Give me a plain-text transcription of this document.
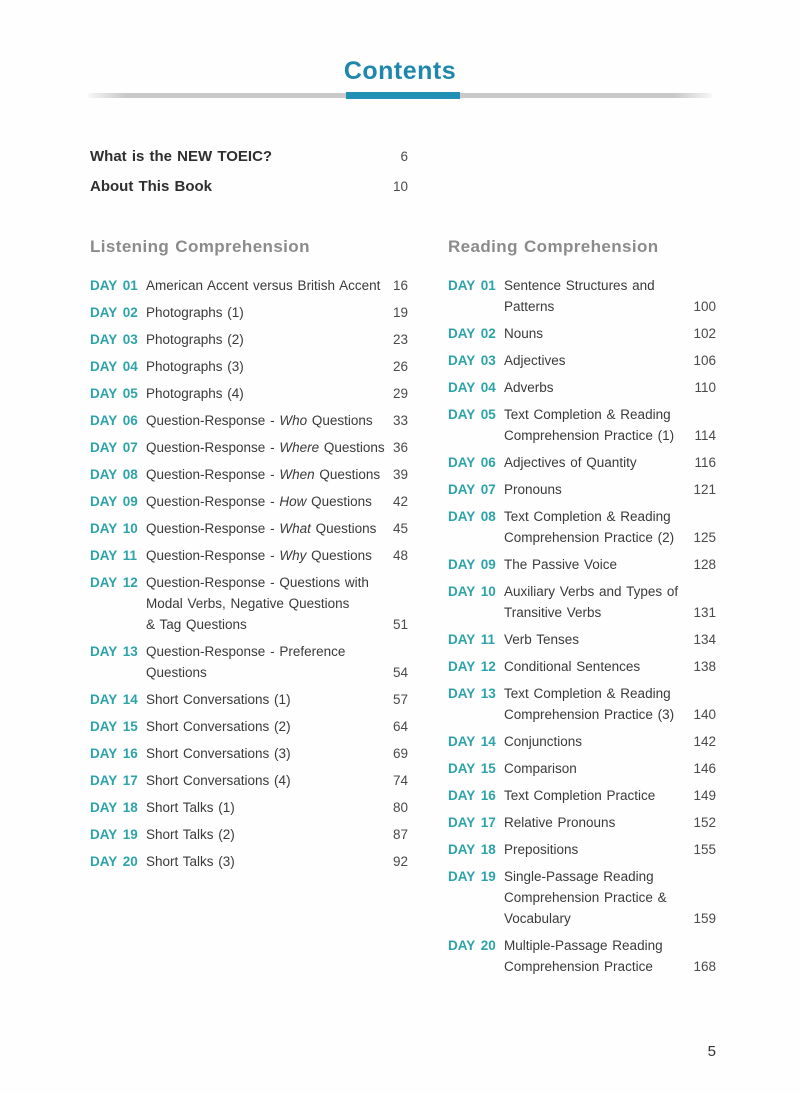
Contents
What is the NEW TOEIC?	6
About This Book	10
Listening Comprehension
DAY 01 American Accent versus British Accent 16
DAY 02 Photographs (1)	19
DAY 03 Photographs (2)	23
DAY 04 Photographs (3)	26
DAY 05 Photographs (4)	29
DAY 06 Question-Response - Who Questions	33
DAY 07 Question-Response - Where Questions 36
DAY 08 Question-Response - When Questions 39
DAY 09 Question-Response - How Questions	42
DAY 10 Question-Response - What Questions	45
DAY 11 Question-Response - Why Questions	48
DAY 12 Question-Response - Questions with
Modal Verbs, Negative Questions
& Tag Questions	51
DAY 13 Question-Response - Preference
Questions	54
DAY 14 Short Conversations (1)	57
DAY 15 Short Conversations (2)	64
DAY 16 Short Conversations (3)	69
DAY 17 Short Conversations (4)	74
DAY 18 Short Talks (1)	80
DAY 19 Short Talks (2)	87
DAY 20 Short Talks (3)	92
Reading Comprehension
DAY 01 Sentence Structures and
Patterns	100
DAY 02 Nouns	102
DAY 03 Adjectives	106
DAY 04 Adverbs	110
DAY 05 Text Completion & Reading
Comprehension Practice (1)	114
DAY 06 Adjectives of Quantity	116
DAY 07 Pronouns	121
DAY 08 Text Completion & Reading
Comprehension Practice (2)	125
DAY 09 The Passive Voice	128
DAY 10 Auxiliary Verbs and Types of
Transitive Verbs	131
DAY 11 Verb Tenses	134
DAY 12 Conditional Sentences	138
DAY 13 Text Completion & Reading
Comprehension Practice (3)	140
DAY 14 Conjunctions	142
DAY 15 Comparison	146
DAY 16 Text Completion Practice	149
DAY 17 Relative Pronouns	152
DAY 18 Prepositions	155
DAY 19 Single-Passage Reading
Comprehension Practice &
Vocabulary	159
DAY 20 Multiple-Passage Reading
Comprehension Practice	168
5
